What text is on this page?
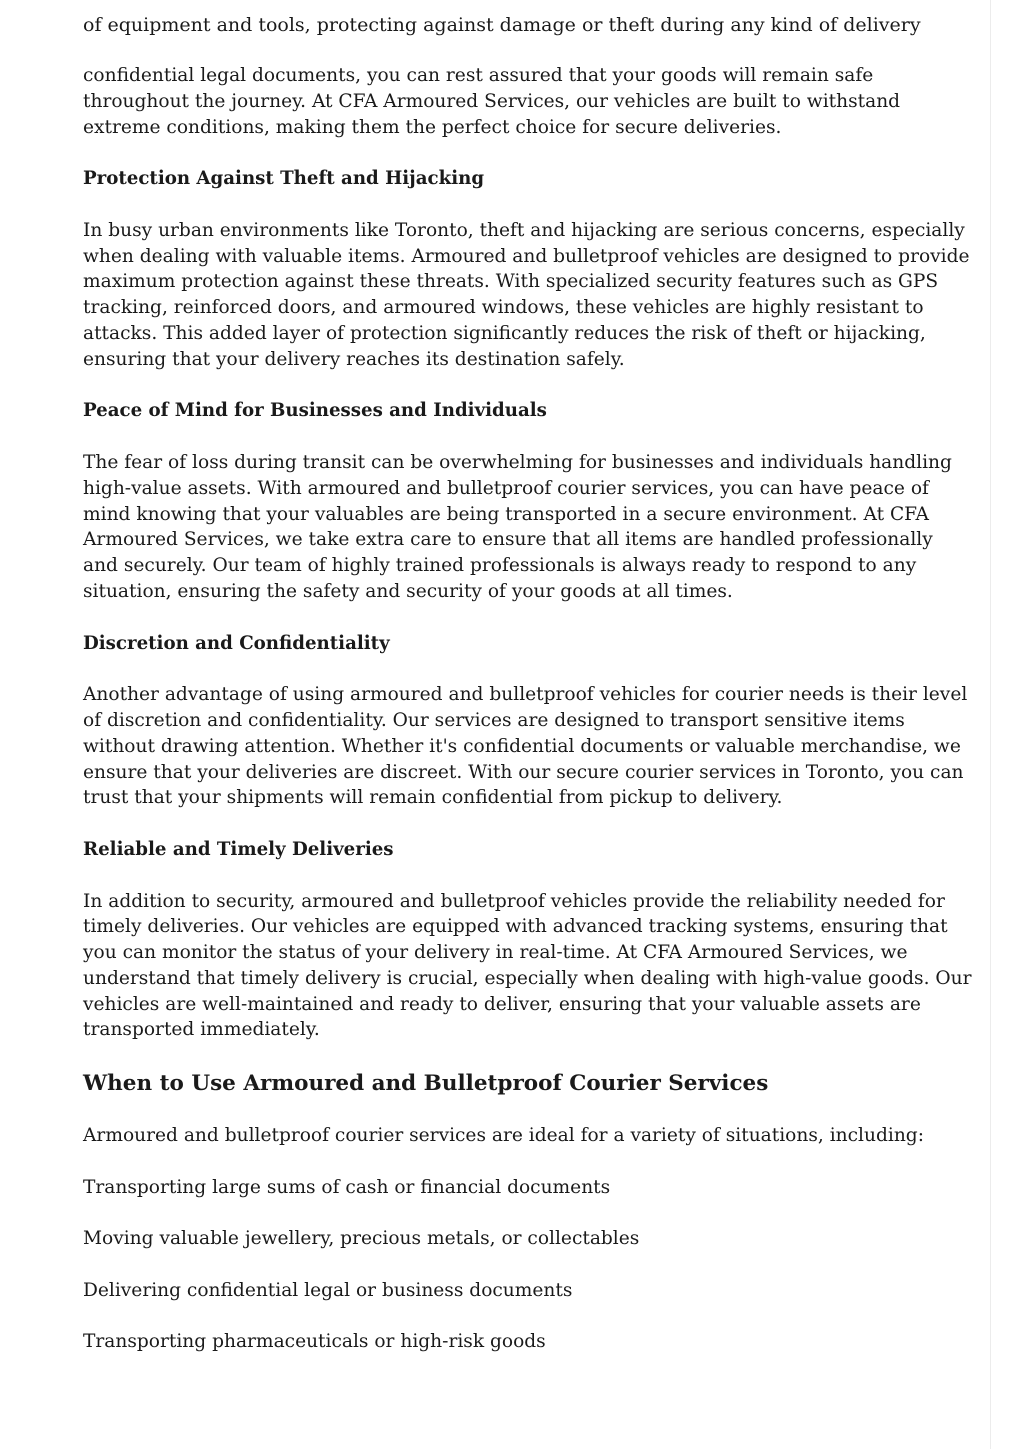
of equipment and tools, protecting against damage or theft during any kind of delivery

confidential legal documents, you can rest assured that your goods will remain safe throughout the journey. At CFA Armoured Services, our vehicles are built to withstand extreme conditions, making them the perfect choice for secure deliveries.

Protection Against Theft and Hijacking

In busy urban environments like Toronto, theft and hijacking are serious concerns, especially when dealing with valuable items. Armoured and bulletproof vehicles are designed to provide maximum protection against these threats. With specialized security features such as GPS tracking, reinforced doors, and armoured windows, these vehicles are highly resistant to attacks. This added layer of protection significantly reduces the risk of theft or hijacking, ensuring that your delivery reaches its destination safely.

Peace of Mind for Businesses and Individuals

The fear of loss during transit can be overwhelming for businesses and individuals handling high-value assets. With armoured and bulletproof courier services, you can have peace of mind knowing that your valuables are being transported in a secure environment. At CFA Armoured Services, we take extra care to ensure that all items are handled professionally and securely. Our team of highly trained professionals is always ready to respond to any situation, ensuring the safety and security of your goods at all times.

Discretion and Confidentiality

Another advantage of using armoured and bulletproof vehicles for courier needs is their level of discretion and confidentiality. Our services are designed to transport sensitive items without drawing attention. Whether it's confidential documents or valuable merchandise, we ensure that your deliveries are discreet. With our secure courier services in Toronto, you can trust that your shipments will remain confidential from pickup to delivery.

Reliable and Timely Deliveries

In addition to security, armoured and bulletproof vehicles provide the reliability needed for timely deliveries. Our vehicles are equipped with advanced tracking systems, ensuring that you can monitor the status of your delivery in real-time. At CFA Armoured Services, we understand that timely delivery is crucial, especially when dealing with high-value goods. Our vehicles are well-maintained and ready to deliver, ensuring that your valuable assets are transported immediately.

When to Use Armoured and Bulletproof Courier Services

Armoured and bulletproof courier services are ideal for a variety of situations, including:

Transporting large sums of cash or financial documents

Moving valuable jewellery, precious metals, or collectables

Delivering confidential legal or business documents

Transporting pharmaceuticals or high-risk goods
